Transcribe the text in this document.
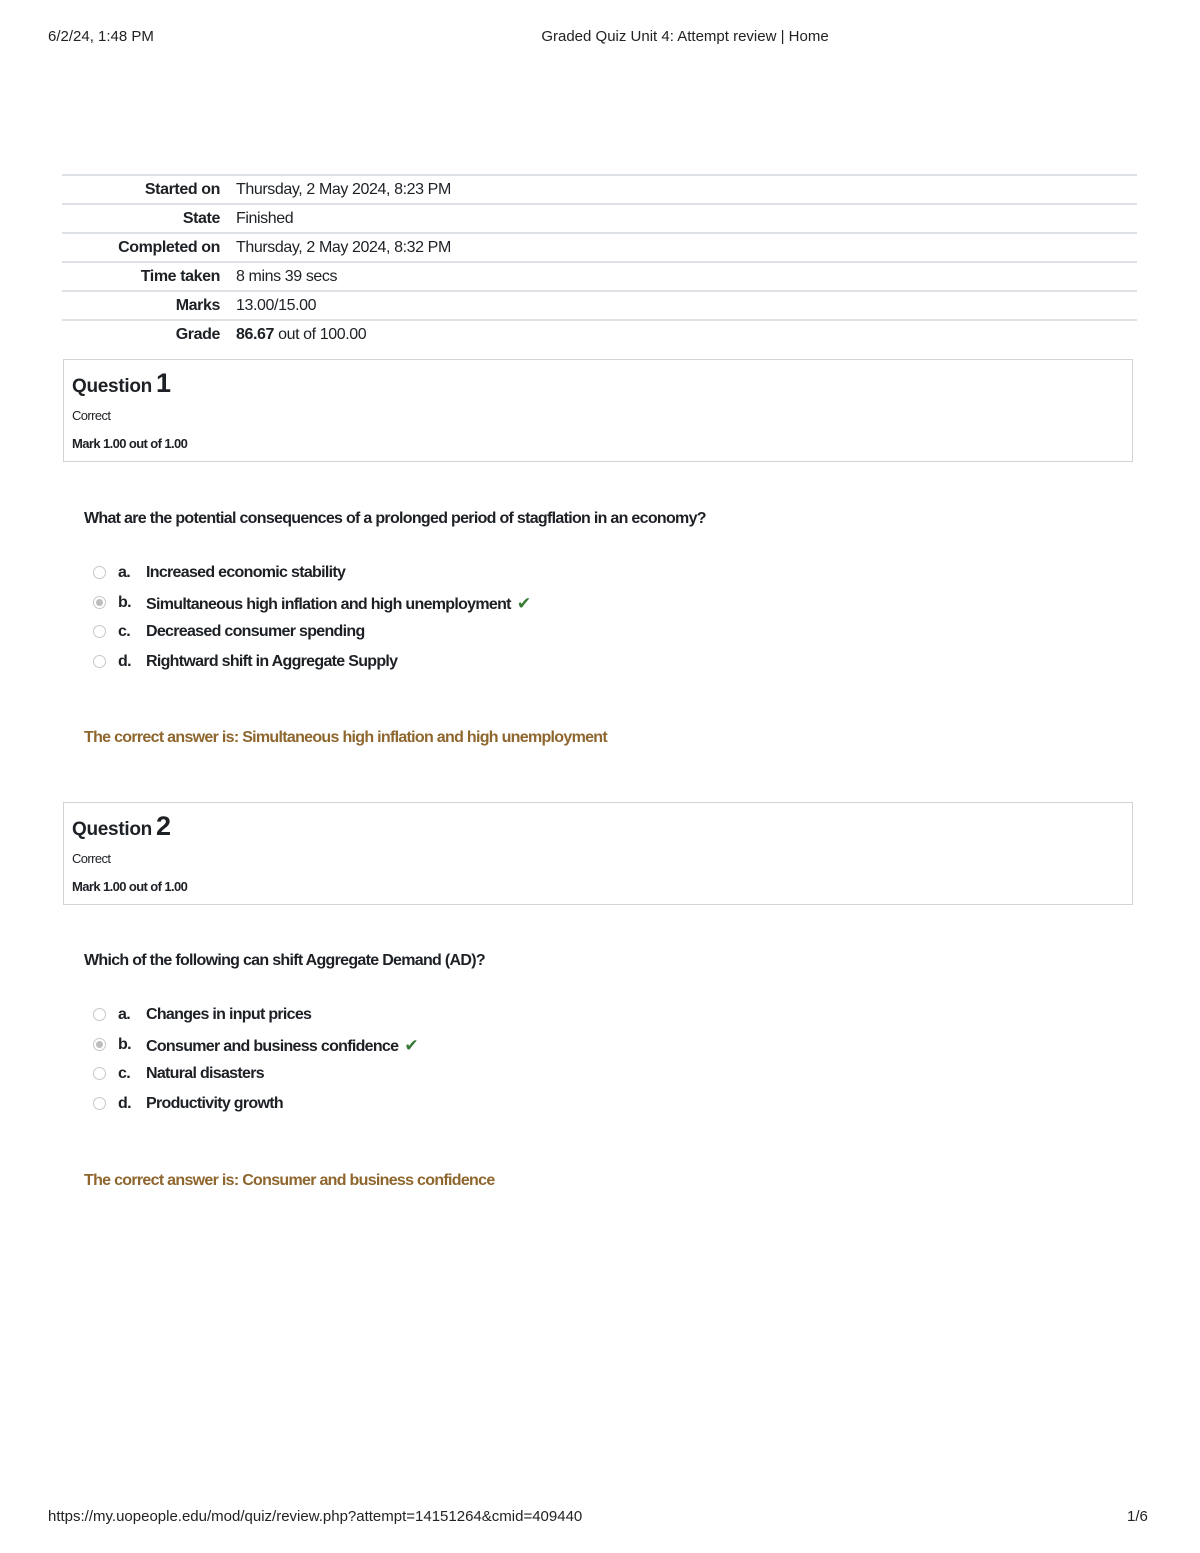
6/2/24, 1:48 PM	Graded Quiz Unit 4: Attempt review | Home
Started on	Thursday, 2 May 2024, 8:23 PM
State	Finished
Completed on	Thursday, 2 May 2024, 8:32 PM
Time taken	8 mins 39 secs
Marks	13.00/15.00
Grade	86.67 out of 100.00
Question 1
Correct
Mark 1.00 out of 1.00
What are the potential consequences of a prolonged period of stagflation in an economy?
a. Increased economic stability
b. Simultaneous high inflation and high unemployment ✔
c. Decreased consumer spending
d. Rightward shift in Aggregate Supply
The correct answer is: Simultaneous high inflation and high unemployment
Question 2
Correct
Mark 1.00 out of 1.00
Which of the following can shift Aggregate Demand (AD)?
a. Changes in input prices
b. Consumer and business confidence ✔
c. Natural disasters
d. Productivity growth
The correct answer is: Consumer and business confidence
https://my.uopeople.edu/mod/quiz/review.php?attempt=14151264&cmid=409440	1/6
